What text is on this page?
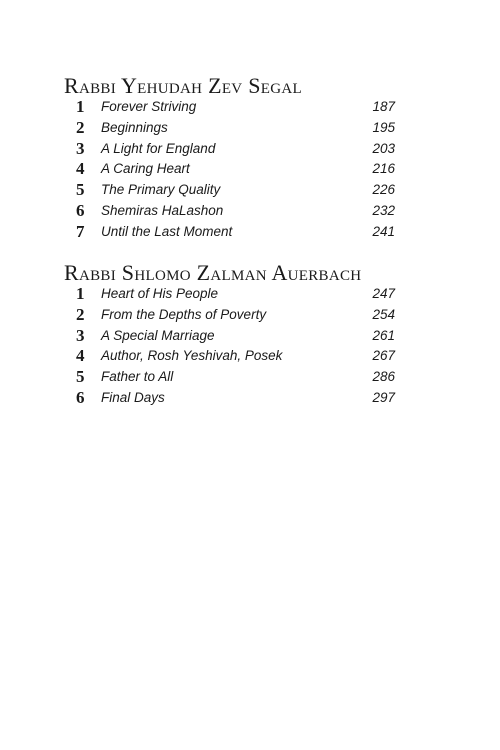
Rabbi Yehudah Zev Segal
1	Forever Striving	187
2	Beginnings	195
3	A Light for England	203
4	A Caring Heart	216
5	The Primary Quality	226
6	Shemiras HaLashon	232
7	Until the Last Moment	241
Rabbi Shlomo Zalman Auerbach
1	Heart of His People	247
2	From the Depths of Poverty	254
3	A Special Marriage	261
4	Author, Rosh Yeshivah, Posek	267
5	Father to All	286
6	Final Days	297
